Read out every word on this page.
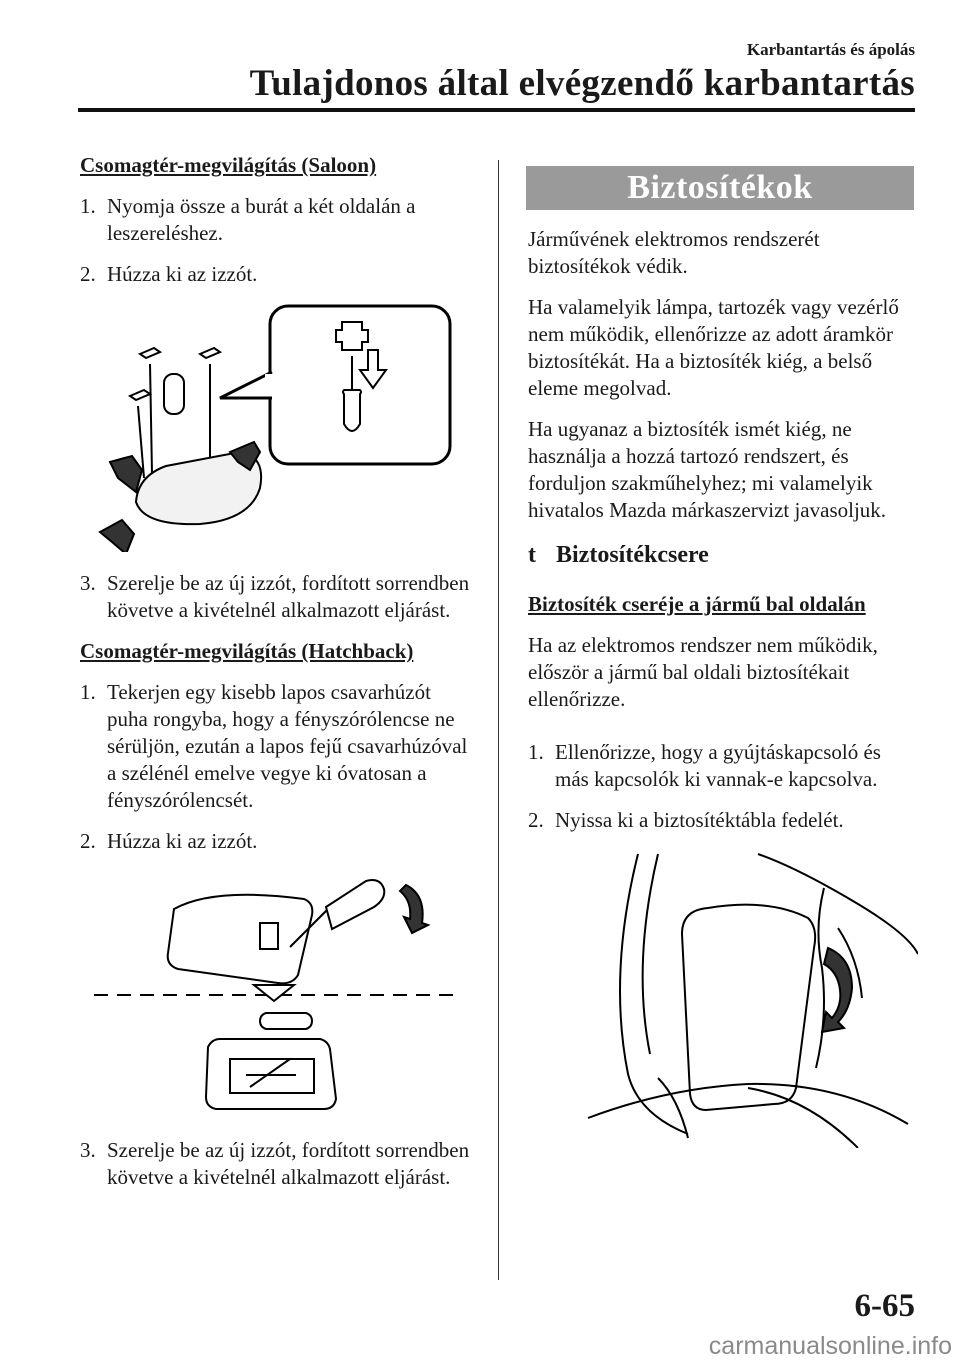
Karbantartás és ápolás
Tulajdonos által elvégzendő karbantartás
Csomagtér-megvilágítás (Saloon)
1. Nyomja össze a burát a két oldalán a leszereléshez.
2. Húzza ki az izzót.
3. Szerelje be az új izzót, fordított sorrendben követve a kivételnél alkalmazott eljárást.
Csomagtér-megvilágítás (Hatchback)
1. Tekerjen egy kisebb lapos csavarhúzót puha rongyba, hogy a fényszórólencse ne sérüljön, ezután a lapos fejű csavarhúzóval a szélénél emelve vegye ki óvatosan a fényszórólencsét.
2. Húzza ki az izzót.
3. Szerelje be az új izzót, fordított sorrendben követve a kivételnél alkalmazott eljárást.
Biztosítékok

Járművének elektromos rendszerét biztosítékok védik.

Ha valamelyik lámpa, tartozék vagy vezérlő nem működik, ellenőrizze az adott áramkör biztosítékát. Ha a biztosíték kiég, a belső eleme megolvad.

Ha ugyanaz a biztosíték ismét kiég, ne használja a hozzá tartozó rendszert, és forduljon szakműhelyhez; mi valamelyik hivatalos Mazda márkaszervizt javasoljuk.

t Biztosítékcsere
Biztosíték cseréje a jármű bal oldalán

Ha az elektromos rendszer nem működik, először a jármű bal oldali biztosítékait ellenőrizze.

1. Ellenőrizze, hogy a gyújtáskapcsoló és más kapcsolók ki vannak-e kapcsolva.
2. Nyissa ki a biztosítéktábla fedelét.
6-65
carmanualsonline.info
